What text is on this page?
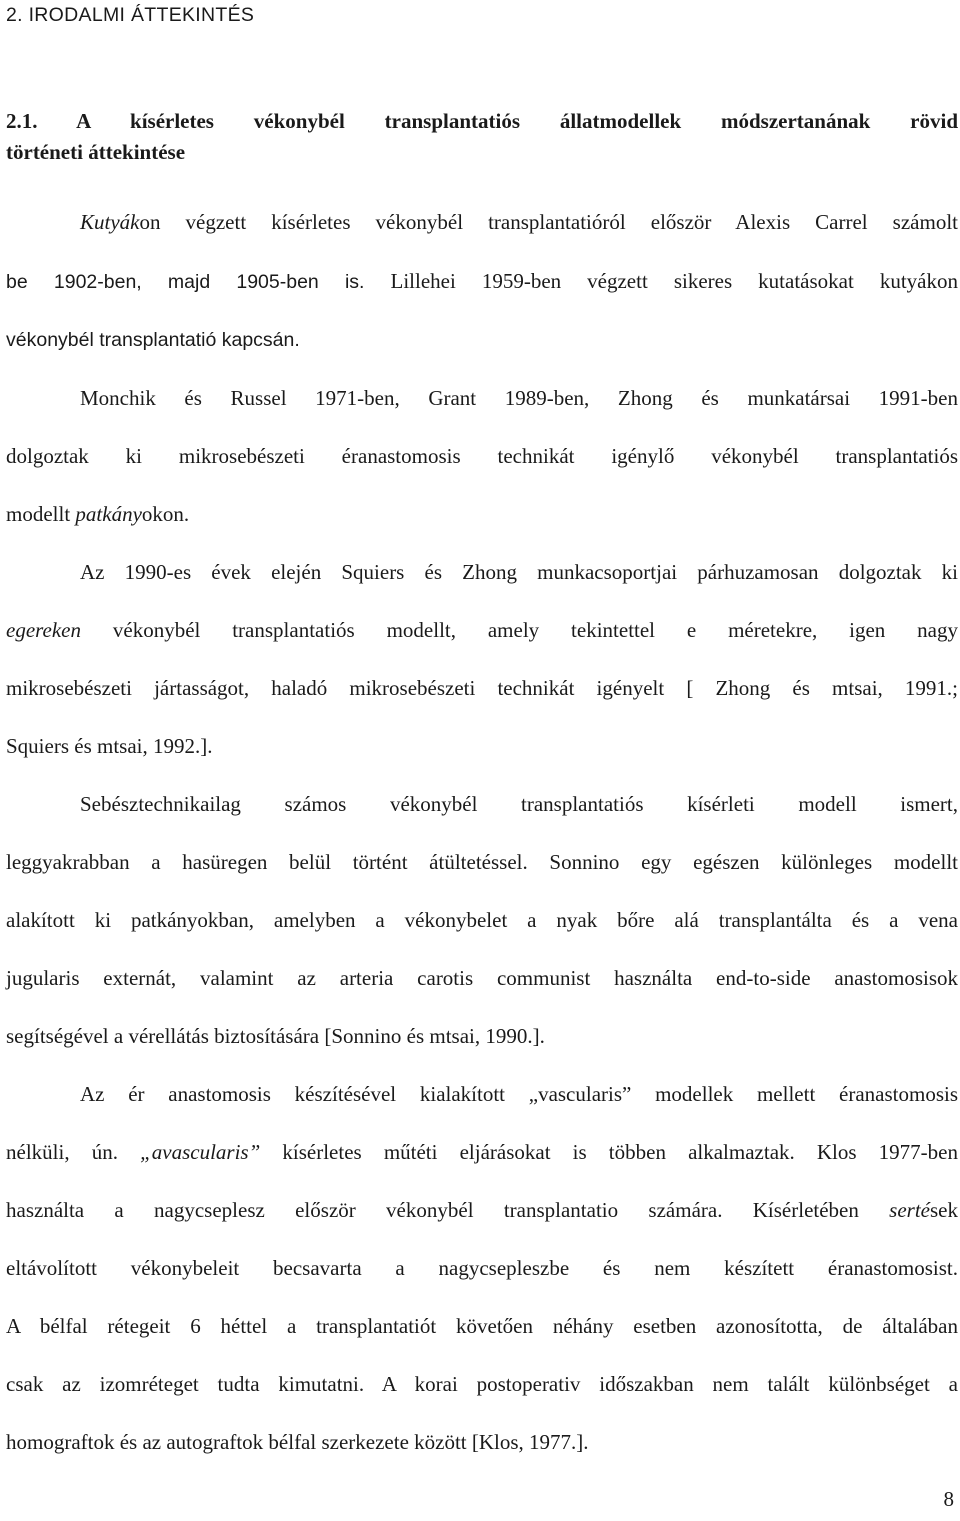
2. IRODALMI ÁTTEKINTÉS
2.1. A kísérletes vékonybél transplantatiós állatmodellek módszertanának rövid
történeti áttekintése
Kutyákon végzett kísérletes vékonybél transplantatióról először Alexis Carrel számolt
be 1902-ben, majd 1905-ben is. Lillehei 1959-ben végzett sikeres kutatásokat kutyákon
vékonybél transplantatió kapcsán.
Monchik és Russel 1971-ben, Grant 1989-ben, Zhong és munkatársai 1991-ben
dolgoztak ki mikrosebészeti éranastomosis technikát igénylő vékonybél transplantatiós
modellt patkányokon.
Az 1990-es évek elején Squiers és Zhong munkacsoportjai párhuzamosan dolgoztak ki
egereken vékonybél transplantatiós modellt, amely tekintettel e méretekre, igen nagy
mikrosebészeti jártasságot, haladó mikrosebészeti technikát igényelt [ Zhong és mtsai, 1991.;
Squiers és mtsai, 1992.].
Sebésztechnikailag számos vékonybél transplantatiós kísérleti modell ismert,
leggyakrabban a hasüregen belül történt átültetéssel. Sonnino egy egészen különleges modellt
alakított ki patkányokban, amelyben a vékonybelet a nyak bőre alá transplantálta és a vena
jugularis externát, valamint az arteria carotis communist használta end-to-side anastomosisok
segítségével a vérellátás biztosítására [Sonnino és mtsai, 1990.].
Az ér anastomosis készítésével kialakított „vascularis” modellek mellett éranastomosis
nélküli, ún. „avascularis” kísérletes műtéti eljárásokat is többen alkalmaztak. Klos 1977-ben
használta a nagycseplesz először vékonybél transplantatio számára. Kísérletében sertések
eltávolított vékonybeleit becsavarta a nagycsepleszbe és nem készített éranastomosist.
A bélfal rétegeit 6 héttel a transplantatiót követően néhány esetben azonosította, de általában
csak az izomréteget tudta kimutatni. A korai postoperativ időszakban nem talált különbséget a
homograftok és az autograftok bélfal szerkezete között [Klos, 1977.].
8
